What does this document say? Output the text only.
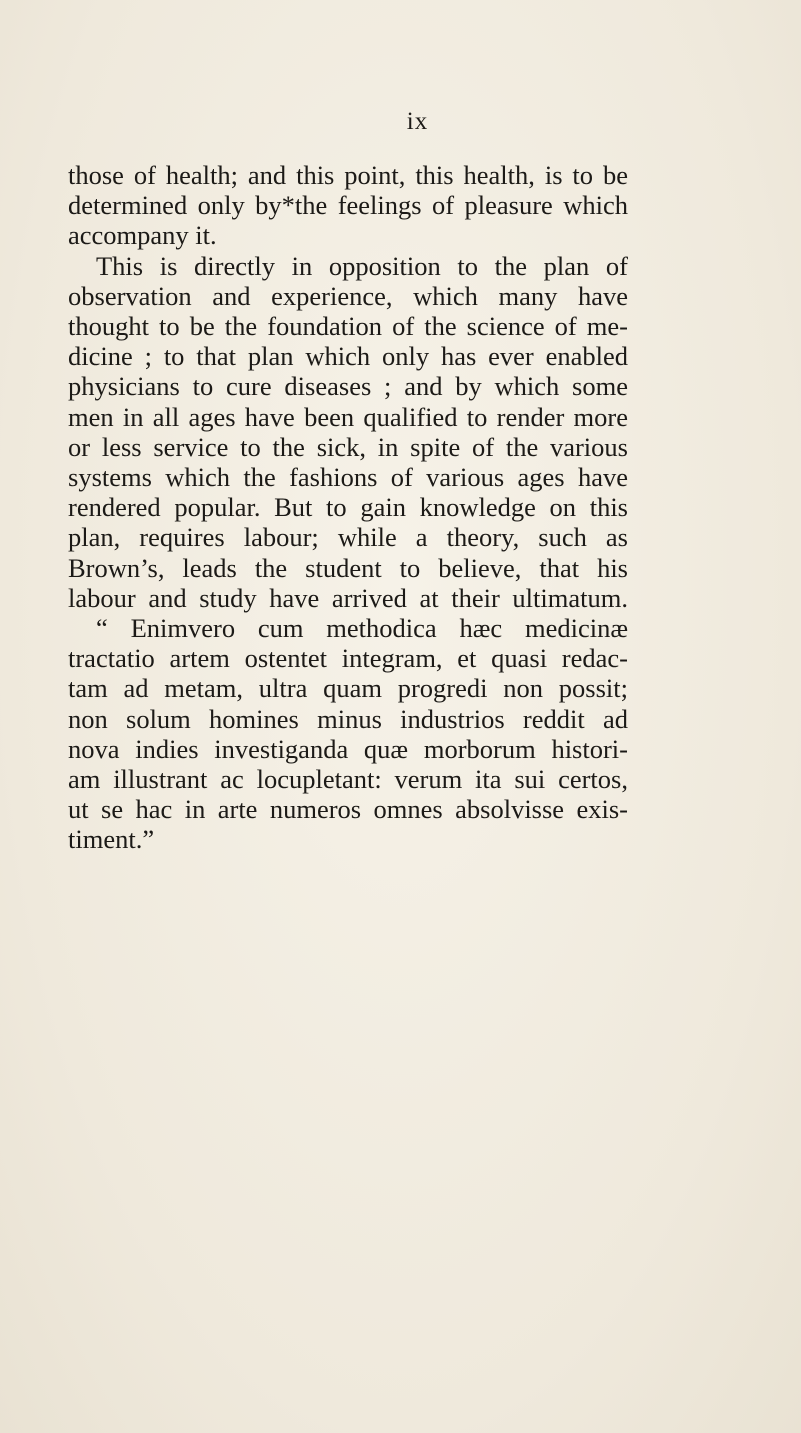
ix
those of health; and this point, this health, is to be
determined only by*the feelings of pleasure which
accompany it.
This is directly in opposition to the plan of
observation and experience, which many have
thought to be the foundation of the science of me-
dicine ; to that plan which only has ever enabled
physicians to cure diseases ; and by which some
men in all ages have been qualified to render more
or less service to the sick, in spite of the various
systems which the fashions of various ages have
rendered popular. But to gain knowledge on this
plan, requires labour; while a theory, such as
Brown’s, leads the student to believe, that his
labour and study have arrived at their ultimatum.
“ Enimvero cum methodica hæc medicinæ
tractatio artem ostentet integram, et quasi redac-
tam ad metam, ultra quam progredi non possit;
non solum homines minus industrios reddit ad
nova indies investiganda quæ morborum histori-
am illustrant ac locupletant: verum ita sui certos,
ut se hac in arte numeros omnes absolvisse exis-
timent.”
